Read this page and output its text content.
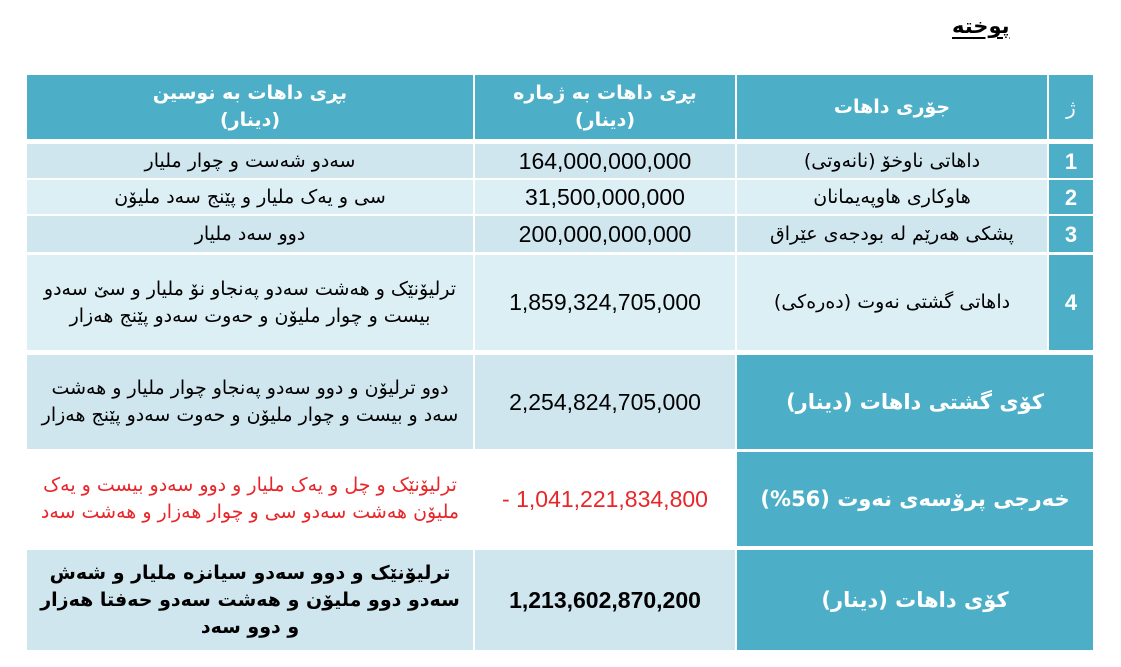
پوختە
ژ
جۆری داهات
بڕی داهات بە ژمارە
(دینار)
بڕی داهات بە نوسین
(دینار)
1
داهاتی ناوخۆ (نانەوتی)
164,000,000,000
سەدو شەست و چوار ملیار
2
هاوکاری هاوپەیمانان
31,500,000,000
سی و یەک ملیار و پێنج سەد ملیۆن
3
پشکی هەرێم لە بودجەی عێراق
200,000,000,000
دوو سەد ملیار
4
داهاتی گشتی نەوت (دەرەکی)
1,859,324,705,000
ترلیۆنێک و هەشت سەدو پەنجاو نۆ ملیار و سێ سەدو بیست و چوار ملیۆن و حەوت سەدو پێنج هەزار
کۆی گشتی داهات (دینار)
2,254,824,705,000
دوو ترلیۆن و دوو سەدو پەنجاو چوار ملیار و هەشت سەد و بیست و چوار ملیۆن و حەوت سەدو پێنج هەزار
خەرجی پرۆسەی نەوت (56%)
- 1,041,221,834,800
ترلیۆنێک و چل و یەک ملیار و دوو سەدو بیست و یەک ملیۆن هەشت سەدو سی و چوار هەزار و هەشت سەد
کۆی داهات (دینار)
1,213,602,870,200
ترلیۆنێک و دوو سەدو سیانزە ملیار و شەش سەدو دوو ملیۆن و هەشت سەدو حەفتا هەزار و دوو سەد
